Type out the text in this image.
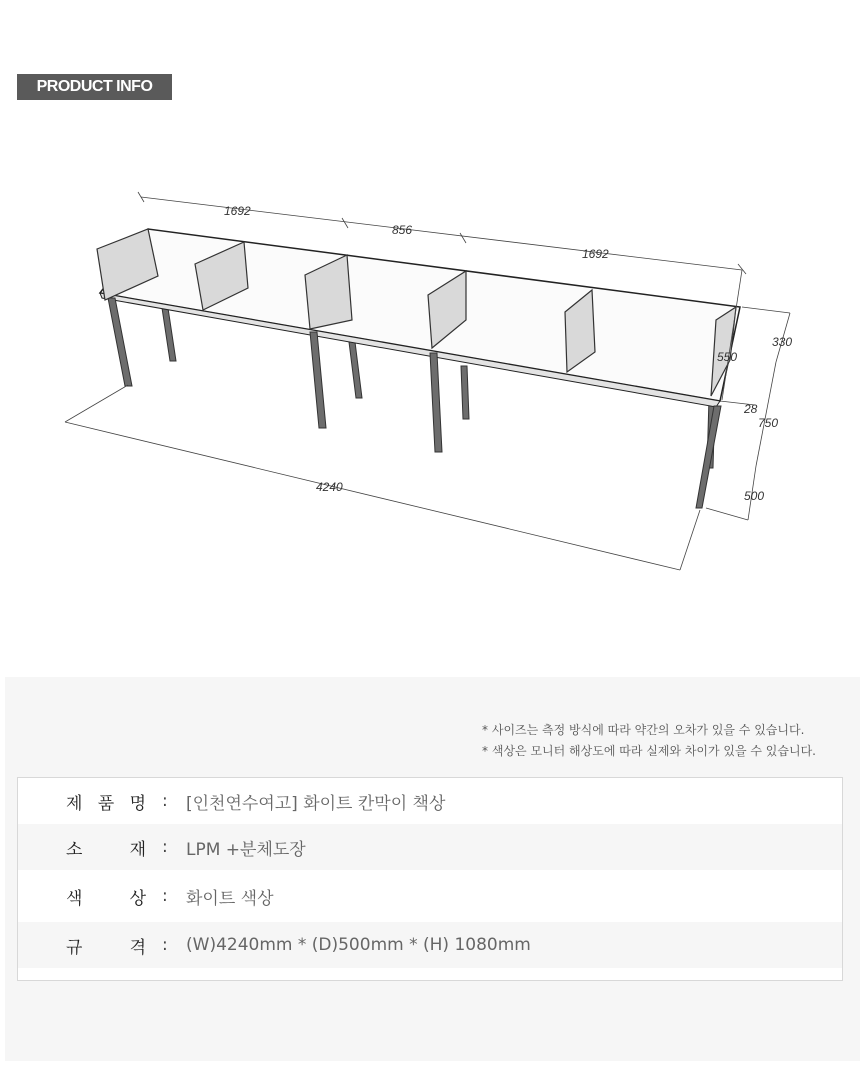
PRODUCT INFO
1692
856
1692
330
550
28
750
500
4240
* 사이즈는 측정 방식에 따라 약간의 오차가 있을 수 있습니다.
* 색상은 모니터 해상도에 따라 실제와 차이가 있을 수 있습니다.
제 품 명 :	[인천연수여고] 화이트 칸막이 책상
소	재 :	LPM +분체도장
색	상 :	화이트 색상
규	격 :	(W)4240mm * (D)500mm * (H) 1080mm
